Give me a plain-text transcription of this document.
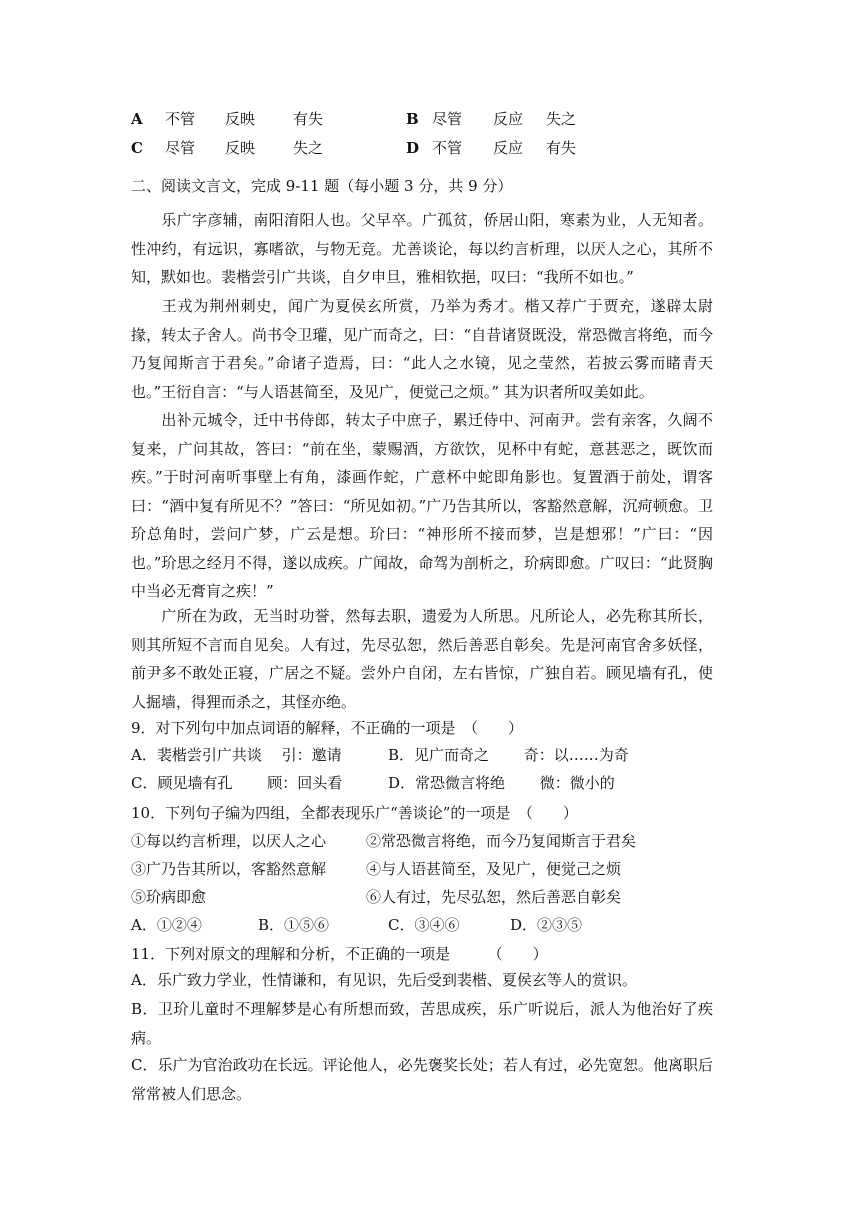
A 不管 反映	有失	B 尽管 反应 失之
C 尽管 反映	失之	D 不管 反应 有失
二、阅读文言文，完成 9-11 题（每小题 3 分，共 9 分）
乐广字彦辅，南阳淯阳人也。父早卒。广孤贫，侨居山阳，寒素为业，人无知者。性冲约，有远识，寡嗜欲，与物无竞。尤善谈论，每以约言析理，以厌人之心，其所不知，默如也。裴楷尝引广共谈，自夕申旦，雅相钦挹，叹曰：“我所不如也。”
王戎为荆州刺史，闻广为夏侯玄所赏，乃举为秀才。楷又荐广于贾充，遂辟太尉掾，转太子舍人。尚书令卫瓘，见广而奇之，曰：“自昔诸贤既没，常恐微言将绝，而今乃复闻斯言于君矣。”命诸子造焉，曰：“此人之水镜，见之莹然，若披云雾而睹青天也。”王衍自言：“与人语甚简至，及见广，便觉己之烦。” 其为识者所叹美如此。
出补元城令，迁中书侍郎，转太子中庶子，累迁侍中、河南尹。尝有亲客，久阔不复来，广问其故，答曰：“前在坐，蒙赐酒，方欲饮，见杯中有蛇，意甚恶之，既饮而疾。”于时河南听事壁上有角，漆画作蛇，广意杯中蛇即角影也。复置酒于前处，谓客曰：“酒中复有所见不？”答曰：“所见如初。”广乃告其所以，客豁然意解，沉疴顿愈。卫玠总角时，尝问广梦，广云是想。玠曰：“神形所不接而梦，岂是想邪！”广曰：“因也。”玠思之经月不得，遂以成疾。广闻故，命驾为剖析之，玠病即愈。广叹曰：“此贤胸中当必无膏肓之疾！”
广所在为政，无当时功誉，然每去职，遗爱为人所思。凡所论人，必先称其所长，则其所短不言而自见矣。人有过，先尽弘恕，然后善恶自彰矣。先是河南官舍多妖怪，前尹多不敢处正寝，广居之不疑。尝外户自闭，左右皆惊，广独自若。顾见墙有孔，使人掘墙，得狸而杀之，其怪亦绝。
9．对下列句中加点词语的解释，不正确的一项是　（　　）
A．裴楷尝引广共谈　 引：邀请	B．见广而奇之　　 奇：以……为奇
C．顾见墙有孔　　 顾：回头看	D．常恐微言将绝　　 微：微小的
10．下列句子编为四组，全都表现乐广“善谈论”的一项是　（　　）
①每以约言析理，以厌人之心	②常恐微言将绝，而今乃复闻斯言于君矣
③广乃告其所以，客豁然意解	④与人语甚简至，及见广，便觉己之烦
⑤玠病即愈	⑥人有过，先尽弘恕，然后善恶自彰矣
A．①②④	B．①⑤⑥	C．③④⑥	D．②③⑤
11．下列对原文的理解和分析，不正确的一项是　　　（　　）
A．乐广致力学业，性情谦和，有见识，先后受到裴楷、夏侯玄等人的赏识。
B．卫玠儿童时不理解梦是心有所想而致，苦思成疾，乐广听说后，派人为他治好了疾病。
C．乐广为官治政功在长远。评论他人，必先褒奖长处；若人有过，必先宽恕。他离职后常常被人们思念。
